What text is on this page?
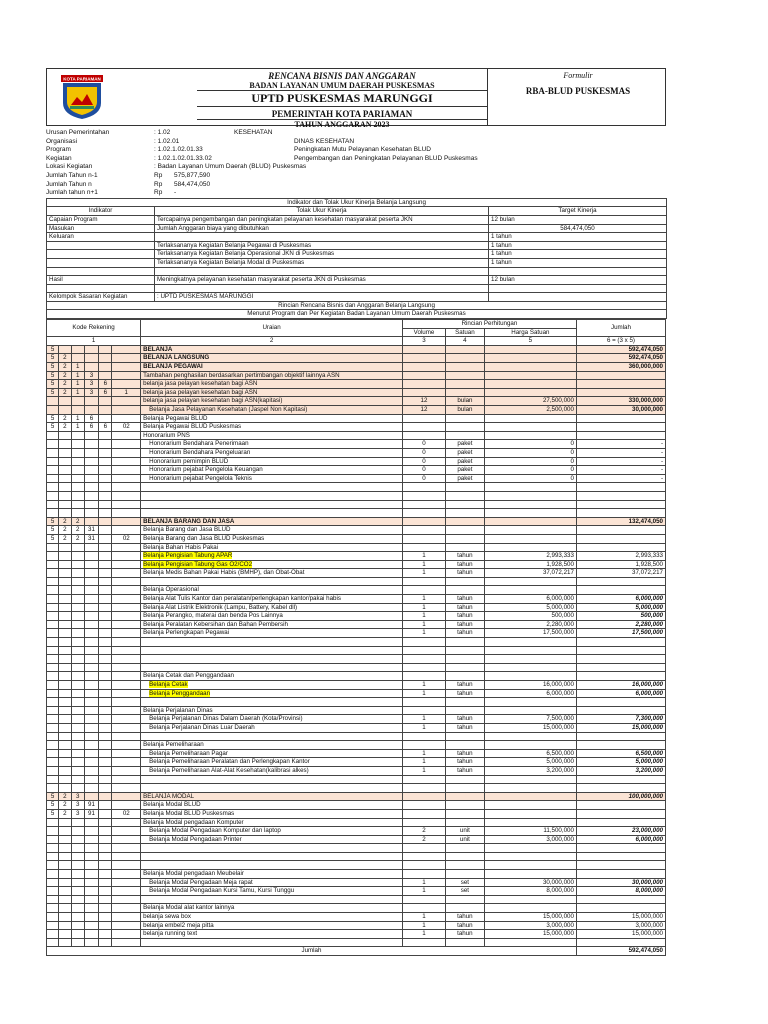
KOTA PARIAMAN	RENCANA BISNIS DAN ANGGARAN
BADAN LAYANAN UMUM DAERAH PUSKESMAS
UPTD PUSKESMAS MARUNGGI
PEMERINTAH KOTA PARIAMAN
TAHUN ANGGARAN 2023
Formulir
RBA-BLUD PUSKESMAS
Urusan Pemerintahan	: 1.02	KESEHATAN
Organisasi	: 1.02.01	DINAS KESEHATAN
Program	: 1.02.1.02.01.33	Peningkatan Mutu Pelayanan Kesehatan BLUD
Kegiatan	: 1.02.1.02.01.33.02	Pengembangan dan Peningkatan Pelayanan BLUD Puskesmas
Lokasi Kegiatan	: Badan Layanan Umum Daerah (BLUD) Puskesmas
Jumlah Tahun n-1	Rp	575,877,590
Jumlah Tahun n	Rp	584,474,050
Jumlah tahun n+1	Rp	-
Indikator dan Tolak Ukur Kinerja Belanja Langsung		
Indikator	Tolak Ukur Kinerja	Target Kinerja
Capaian Program	Tercapainya pengembangan dan peningkatan pelayanan kesehatan masyarakat peserta JKN	12 bulan
Masukan	Jumlah Anggaran biaya yang dibutuhkan	584,474,050
Keluaran		1 tahun
	Terlaksananya Kegiatan Belanja Pegawai di Puskesmas	1 tahun
	Terlaksananya Kegiatan Belanja Operasional JKN di Puskesmas	1 tahun
	Terlaksananya Kegiatan Belanja Modal di Puskesmas	1 tahun

Hasil	Meningkatnya pelayanan kesehatan masyarakat peserta JKN di Puskesmas	12 bulan

Kelompok Sasaran Kegiatan	: UPTD PUSKESMAS MARUNGGI	
Rincian Rencana Bisnis dan Anggaran Belanja Langsung		
Menurut Program dan Per Kegiatan Badan Layanan Umum Daerah Puskesmas		
Kode Rekening						Uraian	Rincian Perhitungan			Jumlah
							Volume	Satuan	Harga Satuan	
1						2	3	4	5	6 = (3 x 5)
5						BELANJA				592,474,050
5	2					BELANJA LANGSUNG				592,474,050
5	2	1				BELANJA PEGAWAI				360,000,000
5	2	1	3			Tambahan penghasilan berdasarkan pertimbangan objektif lainnya ASN				
5	2	1	3	6		belanja jasa pelayan kesehatan bagi ASN				
5	2	1	3	6	1	belanja jasa pelayan kesehatan bagi ASN				
						belanja jasa pelayan kesehatan bagi ASN(kapitasi)	12	bulan	27,500,000	330,000,000
						Belanja Jasa Pelayanan Kesehatan (Jaspel Non Kapitasi)	12	bulan	2,500,000	30,000,000
5	2	1	6			Belanja Pegawai BLUD				
5	2	1	6	6	02	Belanja Pegawai BLUD Puskesmas				
						Honorarium PNS				
						Honorarium Bendahara Penerimaan	0	paket	0	-
						Honorarium Bendahara Pengeluaran	0	paket	0	-
						Honorarium pemimpin BLUD	0	paket	0	-
						Honorarium pejabat Pengelola Keuangan	0	paket	0	-
						Honorarium pejabat Pengelola Teknis	0	paket	0	-

5	2	2				BELANJA BARANG DAN JASA				132,474,050
5	2	2	31			Belanja Barang dan Jasa BLUD				
5	2	2	31		02	Belanja Barang dan Jasa BLUD Puskesmas				
						Belanja Bahan Habis Pakai				
						Belanja Pengisian Tabung APAR	1	tahun	2,993,333	2,993,333
						Belanja Pengisian Tabung Gas O2/CO2	1	tahun	1,928,500	1,928,500
						Belanja Medis Bahan Pakai Habis (BMHP), dan Obat-Obat	1	tahun	37,072,217	37,072,217

						Belanja Operasional				
						Belanja Alat Tulis Kantor dan peralatan/perlengkapan kantor/pakai habis	1	tahun	6,000,000	6,000,000
						Belanja Alat Listrik Elektronik (Lampu, Battery, Kabel dll)	1	tahun	5,000,000	5,000,000
						Belanja Perangko, materai dan benda Pos Lainnya	1	tahun	500,000	500,000
						Belanja Peralatan Kebersihan dan Bahan Pembersih	1	tahun	2,280,000	2,280,000
						Belanja Perlengkapan Pegawai	1	tahun	17,500,000	17,500,000

						Belanja Cetak dan Penggandaan				
						Belanja Cetak	1	tahun	16,000,000	16,000,000
						Belanja Penggandaan	1	tahun	6,000,000	6,000,000

						Belanja Perjalanan Dinas				
						Belanja Perjalanan Dinas Dalam Daerah (Kota/Provinsi)	1	tahun	7,500,000	7,300,000
						Belanja Perjalanan Dinas Luar Daerah	1	tahun	15,000,000	15,000,000

						Belanja Pemeliharaan				
						Belanja Pemeliharaan Pagar	1	tahun	6,500,000	6,500,000
						Belanja Pemeliharaan Peralatan dan Perlengkapan Kantor	1	tahun	5,000,000	5,000,000
						Belanja Pemeliharaan Alat-Alat Kesehatan(kalibrasi alkes)	1	tahun	3,200,000	3,200,000

5	2	3				BELANJA MODAL				100,000,000
5	2	3	91			Belanja Modal BLUD				
5	2	3	91		02	Belanja Modal BLUD Puskesmas				
						Belanja Modal pengadaan Komputer				
						Belanja Modal Pengadaan Komputer dan laptop	2	unit	11,500,000	23,000,000
						Belanja Modal Pengadaan Printer	2	unit	3,000,000	6,000,000

						Belanja Modal pengadaan Meubelair				
						Belanja Modal Pengadaan Meja rapat	1	set	30,000,000	30,000,000
						Belanja Modal Pengadaan Kursi Tamu, Kursi Tunggu	1	set	8,000,000	8,000,000

						Belanja Modal alat kantor lainnya				
						belanja sewa box	1	tahun	15,000,000	15,000,000
						belanja embel2 meja pitta	1	tahun	3,000,000	3,000,000
						belanja running text	1	tahun	15,000,000	15,000,000

Jumlah										592,474,050
